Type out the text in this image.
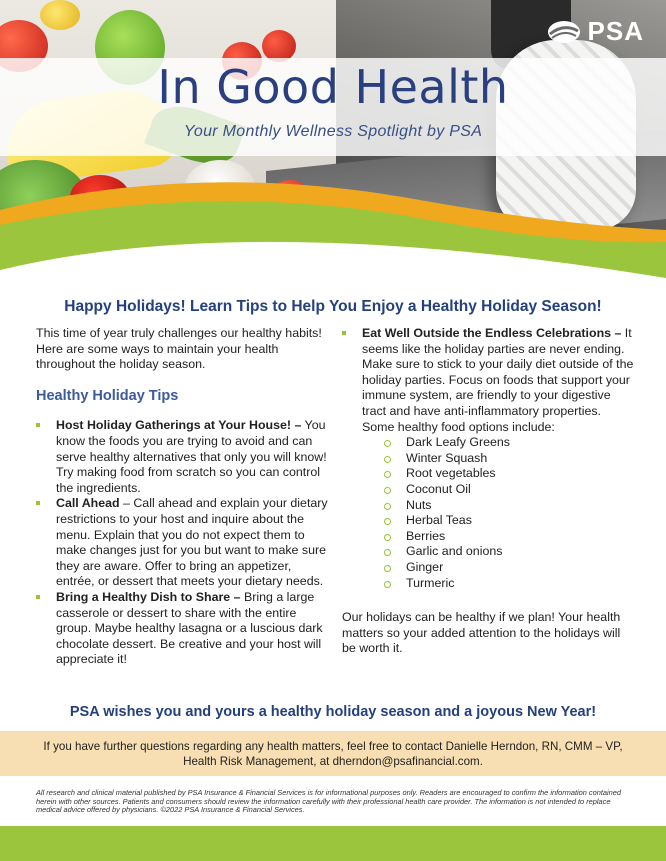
In Good Health
Your Monthly Wellness Spotlight by PSA
PSA
Happy Holidays! Learn Tips to Help You Enjoy a Healthy Holiday Season!

This time of year truly challenges our healthy habits! Here are some ways to maintain your health throughout the holiday season.

Healthy Holiday Tips
Host Holiday Gatherings at Your House! – You know the foods you are trying to avoid and can serve healthy alternatives that only you will know! Try making food from scratch so you can control the ingredients.
Call Ahead – Call ahead and explain your dietary restrictions to your host and inquire about the menu. Explain that you do not expect them to make changes just for you but want to make sure they are aware. Offer to bring an appetizer, entrée, or dessert that meets your dietary needs.
Bring a Healthy Dish to Share – Bring a large casserole or dessert to share with the entire group. Maybe healthy lasagna or a luscious dark chocolate dessert. Be creative and your host will appreciate it!
Eat Well Outside the Endless Celebrations – It seems like the holiday parties are never ending. Make sure to stick to your daily diet outside of the holiday parties. Focus on foods that support your immune system, are friendly to your digestive tract and have anti-inflammatory properties. Some healthy food options include:
Dark Leafy Greens
Winter Squash
Root vegetables
Coconut Oil
Nuts
Herbal Teas
Berries
Garlic and onions
Ginger
Turmeric

Our holidays can be healthy if we plan! Your health matters so your added attention to the holidays will be worth it.

PSA wishes you and yours a healthy holiday season and a joyous New Year!
If you have further questions regarding any health matters, feel free to contact Danielle Herndon, RN, CMM – VP, Health Risk Management, at dherndon@psafinancial.com.
All research and clinical material published by PSA Insurance & Financial Services is for informational purposes only. Readers are encouraged to confirm the information contained herein with other sources. Patients and consumers should review the information carefully with their professional health care provider. The information is not intended to replace medical advice offered by physicians. ©2022 PSA Insurance & Financial Services.
